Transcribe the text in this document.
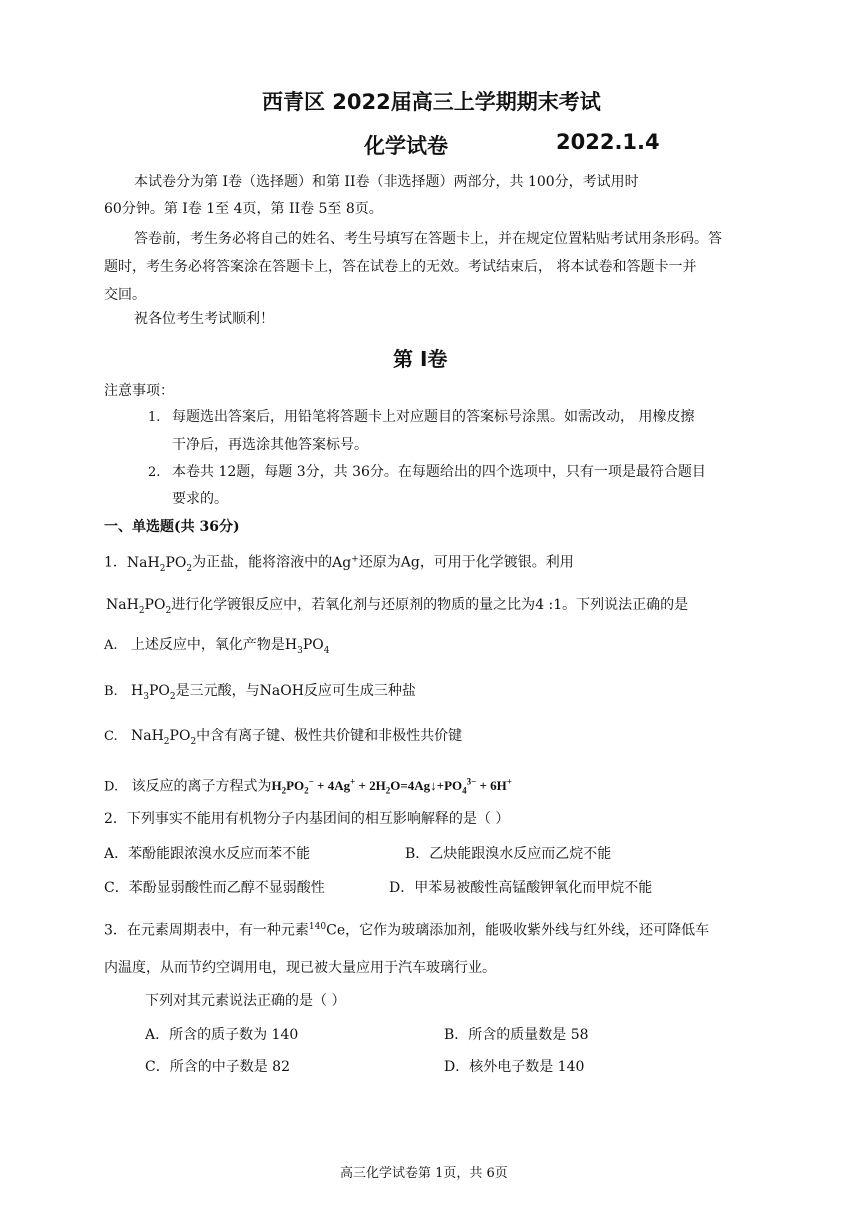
西青区 2022届高三上学期期末考试
化学试卷	2022.1.4
本试卷分为第 I卷（选择题）和第 II卷（非选择题）两部分，共 100分，考试用时
60分钟。第 I卷 1至 4页，第 II卷 5至 8页。
答卷前，考生务必将自己的姓名、考生号填写在答题卡上，并在规定位置粘贴考试用条形码。答
题时，考生务必将答案涂在答题卡上，答在试卷上的无效。考试结束后， 将本试卷和答题卡一并
交回。
祝各位考生考试顺利！
第 I卷
注意事项：
1. 每题选出答案后，用铅笔将答题卡上对应题目的答案标号涂黑。如需改动， 用橡皮擦
干净后，再选涂其他答案标号。
2. 本卷共 12题，每题 3分，共 36分。在每题给出的四个选项中，只有一项是最符合题目
要求的。
一、单选题(共 36分)
1．$NaH_2PO_2$为正盐，能将溶液中的Ag+还原为Ag，可用于化学镀银。利用
$NaH_2PO_2$进行化学镀银反应中，若氧化剂与还原剂的物质的量之比为4 :1。下列说法正确的是
A. 上述反应中，氧化产物是$H_3PO_4$
B. $H_3PO_2$是三元酸，与NaOH反应可生成三种盐
C. $NaH_2PO_2$中含有离子键、极性共价键和非极性共价键
D. 该反应的离子方程式为$H_2PO_2^- + 4Ag^+$ + $2H_2O=4Ag↓+PO_4^{3-} + 6H^+$
2．下列事实不能用有机物分子内基团间的相互影响解释的是（ ）
A．苯酚能跟浓溴水反应而苯不能	B．乙炔能跟溴水反应而乙烷不能
C．苯酚显弱酸性而乙醇不显弱酸性	D．甲苯易被酸性高锰酸钾氧化而甲烷不能
3．在元素周期表中，有一种元素$^{140}$Ce，它作为玻璃添加剂，能吸收紫外线与红外线，还可降低车
内温度，从而节约空调用电，现已被大量应用于汽车玻璃行业。
下列对其元素说法正确的是（ ）
A．所含的质子数为 140	B．所含的质量数是 58
C．所含的中子数是 82	D．核外电子数是 140
高三化学试卷第 1页，共 6页
